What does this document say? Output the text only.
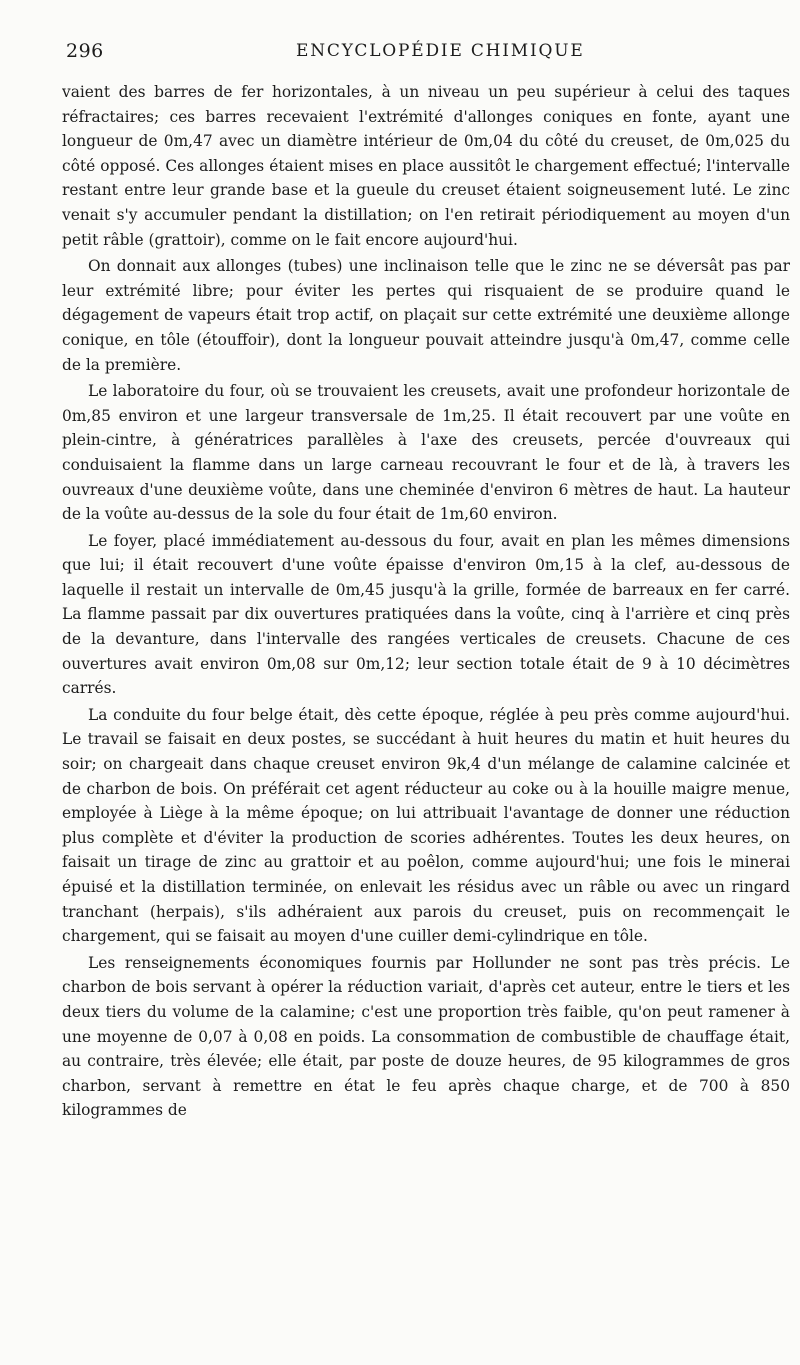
296	ENCYCLOPÉDIE CHIMIQUE

vaient des barres de fer horizontales, à un niveau un peu supérieur à celui des taques réfractaires; ces barres recevaient l'extrémité d'allonges coniques en fonte, ayant une longueur de 0m,47 avec un diamètre intérieur de 0m,04 du côté du creuset, de 0m,025 du côté opposé. Ces allonges étaient mises en place aussitôt le chargement effectué; l'intervalle restant entre leur grande base et la gueule du creuset étaient soigneusement luté. Le zinc venait s'y accumuler pendant la distillation; on l'en retirait périodiquement au moyen d'un petit râble (grattoir), comme on le fait encore aujourd'hui.

On donnait aux allonges (tubes) une inclinaison telle que le zinc ne se déversât pas par leur extrémité libre; pour éviter les pertes qui risquaient de se produire quand le dégagement de vapeurs était trop actif, on plaçait sur cette extrémité une deuxième allonge conique, en tôle (étouffoir), dont la longueur pouvait atteindre jusqu'à 0m,47, comme celle de la première.

Le laboratoire du four, où se trouvaient les creusets, avait une profondeur horizontale de 0m,85 environ et une largeur transversale de 1m,25. Il était recouvert par une voûte en plein-cintre, à génératrices parallèles à l'axe des creusets, percée d'ouvreaux qui conduisaient la flamme dans un large carneau recouvrant le four et de là, à travers les ouvreaux d'une deuxième voûte, dans une cheminée d'environ 6 mètres de haut. La hauteur de la voûte au-dessus de la sole du four était de 1m,60 environ.

Le foyer, placé immédiatement au-dessous du four, avait en plan les mêmes dimensions que lui; il était recouvert d'une voûte épaisse d'environ 0m,15 à la clef, au-dessous de laquelle il restait un intervalle de 0m,45 jusqu'à la grille, formée de barreaux en fer carré. La flamme passait par dix ouvertures pratiquées dans la voûte, cinq à l'arrière et cinq près de la devanture, dans l'intervalle des rangées verticales de creusets. Chacune de ces ouvertures avait environ 0m,08 sur 0m,12; leur section totale était de 9 à 10 décimètres carrés.

La conduite du four belge était, dès cette époque, réglée à peu près comme aujourd'hui. Le travail se faisait en deux postes, se succédant à huit heures du matin et huit heures du soir; on chargeait dans chaque creuset environ 9k,4 d'un mélange de calamine calcinée et de charbon de bois. On préférait cet agent réducteur au coke ou à la houille maigre menue, employée à Liège à la même époque; on lui attribuait l'avantage de donner une réduction plus complète et d'éviter la production de scories adhérentes. Toutes les deux heures, on faisait un tirage de zinc au grattoir et au poêlon, comme aujourd'hui; une fois le minerai épuisé et la distillation terminée, on enlevait les résidus avec un râble ou avec un ringard tranchant (herpais), s'ils adhéraient aux parois du creuset, puis on recommençait le chargement, qui se faisait au moyen d'une cuiller demi-cylindrique en tôle.

Les renseignements économiques fournis par Hollunder ne sont pas très précis. Le charbon de bois servant à opérer la réduction variait, d'après cet auteur, entre le tiers et les deux tiers du volume de la calamine; c'est une proportion très faible, qu'on peut ramener à une moyenne de 0,07 à 0,08 en poids. La consommation de combustible de chauffage était, au contraire, très élevée; elle était, par poste de douze heures, de 95 kilogrammes de gros charbon, servant à remettre en état le feu après chaque charge, et de 700 à 850 kilogrammes de
